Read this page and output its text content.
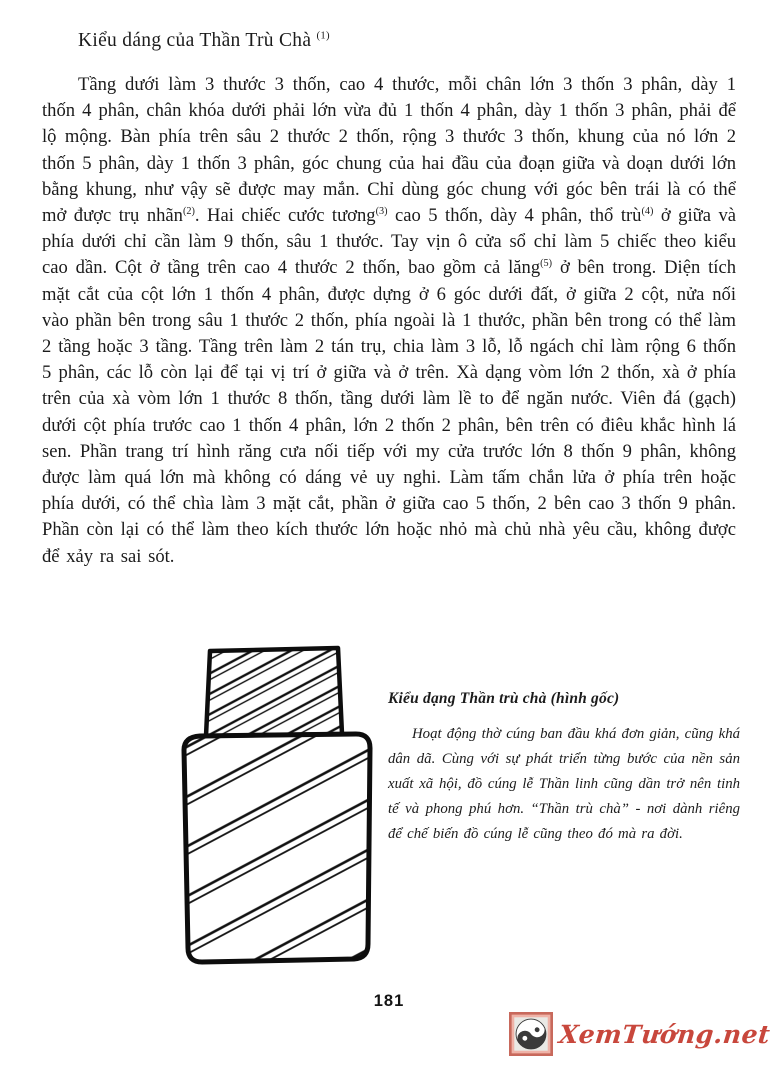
Kiểu dáng của Thần Trù Chà $^{(1)}$
Tầng dưới làm 3 thước 3 thốn, cao 4 thước, mỗi chân lớn 3 thốn 3 phân, dày 1 thốn 4 phân, chân khóa dưới phải lớn vừa đủ 1 thốn 4 phân, dày 1 thốn 3 phân, phải để lộ mộng. Bàn phía trên sâu 2 thước 2 thốn, rộng 3 thước 3 thốn, khung của nó lớn 2 thốn 5 phân, dày 1 thốn 3 phân, góc chung của hai đầu của đoạn giữa và doạn dưới lớn bằng khung, như vậy sẽ được may mắn. Chỉ dùng góc chung với góc bên trái là có thể mở được trụ nhãn$^{(2)}$. Hai chiếc cước tương$^{(3)}$ cao 5 thốn, dày 4 phân, thổ trù$^{(4)}$ ở giữa và phía dưới chỉ cần làm 9 thốn, sâu 1 thước. Tay vịn ô cửa sổ chỉ làm 5 chiếc theo kiểu cao dần. Cột ở tầng trên cao 4 thước 2 thốn, bao gồm cả lăng$^{(5)}$ ở bên trong. Diện tích mặt cắt của cột lớn 1 thốn 4 phân, được dựng ở 6 góc dưới đất, ở giữa 2 cột, nửa nối vào phần bên trong sâu 1 thước 2 thốn, phía ngoài là 1 thước, phần bên trong có thể làm 2 tầng hoặc 3 tầng. Tầng trên làm 2 tán trụ, chia làm 3 lỗ, lỗ ngách chỉ làm rộng 6 thốn 5 phân, các lỗ còn lại để tại vị trí ở giữa và ở trên. Xà dạng vòm lớn 2 thốn, xà ở phía trên của xà vòm lớn 1 thước 8 thốn, tầng dưới làm lề to để ngăn nước. Viên đá (gạch) dưới cột phía trước cao 1 thốn 4 phân, lớn 2 thốn 2 phân, bên trên có điêu khắc hình lá sen. Phần trang trí hình răng cưa nối tiếp với my cửa trước lớn 8 thốn 9 phân, không được làm quá lớn mà không có dáng vẻ uy nghi. Làm tấm chắn lửa ở phía trên hoặc phía dưới, có thể chìa làm 3 mặt cắt, phần ở giữa cao 5 thốn, 2 bên cao 3 thốn 9 phân. Phần còn lại có thể làm theo kích thước lớn hoặc nhỏ mà chủ nhà yêu cầu, không được để xảy ra sai sót.
Kiểu dạng Thần trù chà (hình gốc)
Hoạt động thờ cúng ban đầu khá đơn giản, cũng khá dân dã. Cùng với sự phát triển từng bước của nền sản xuất xã hội, đồ cúng lễ Thần linh cũng dần trở nên tinh tế và phong phú hơn. “Thần trù chà” - nơi dành riêng để chế biến đồ cúng lễ cũng theo đó mà ra đời.
181
XemTướng.net
